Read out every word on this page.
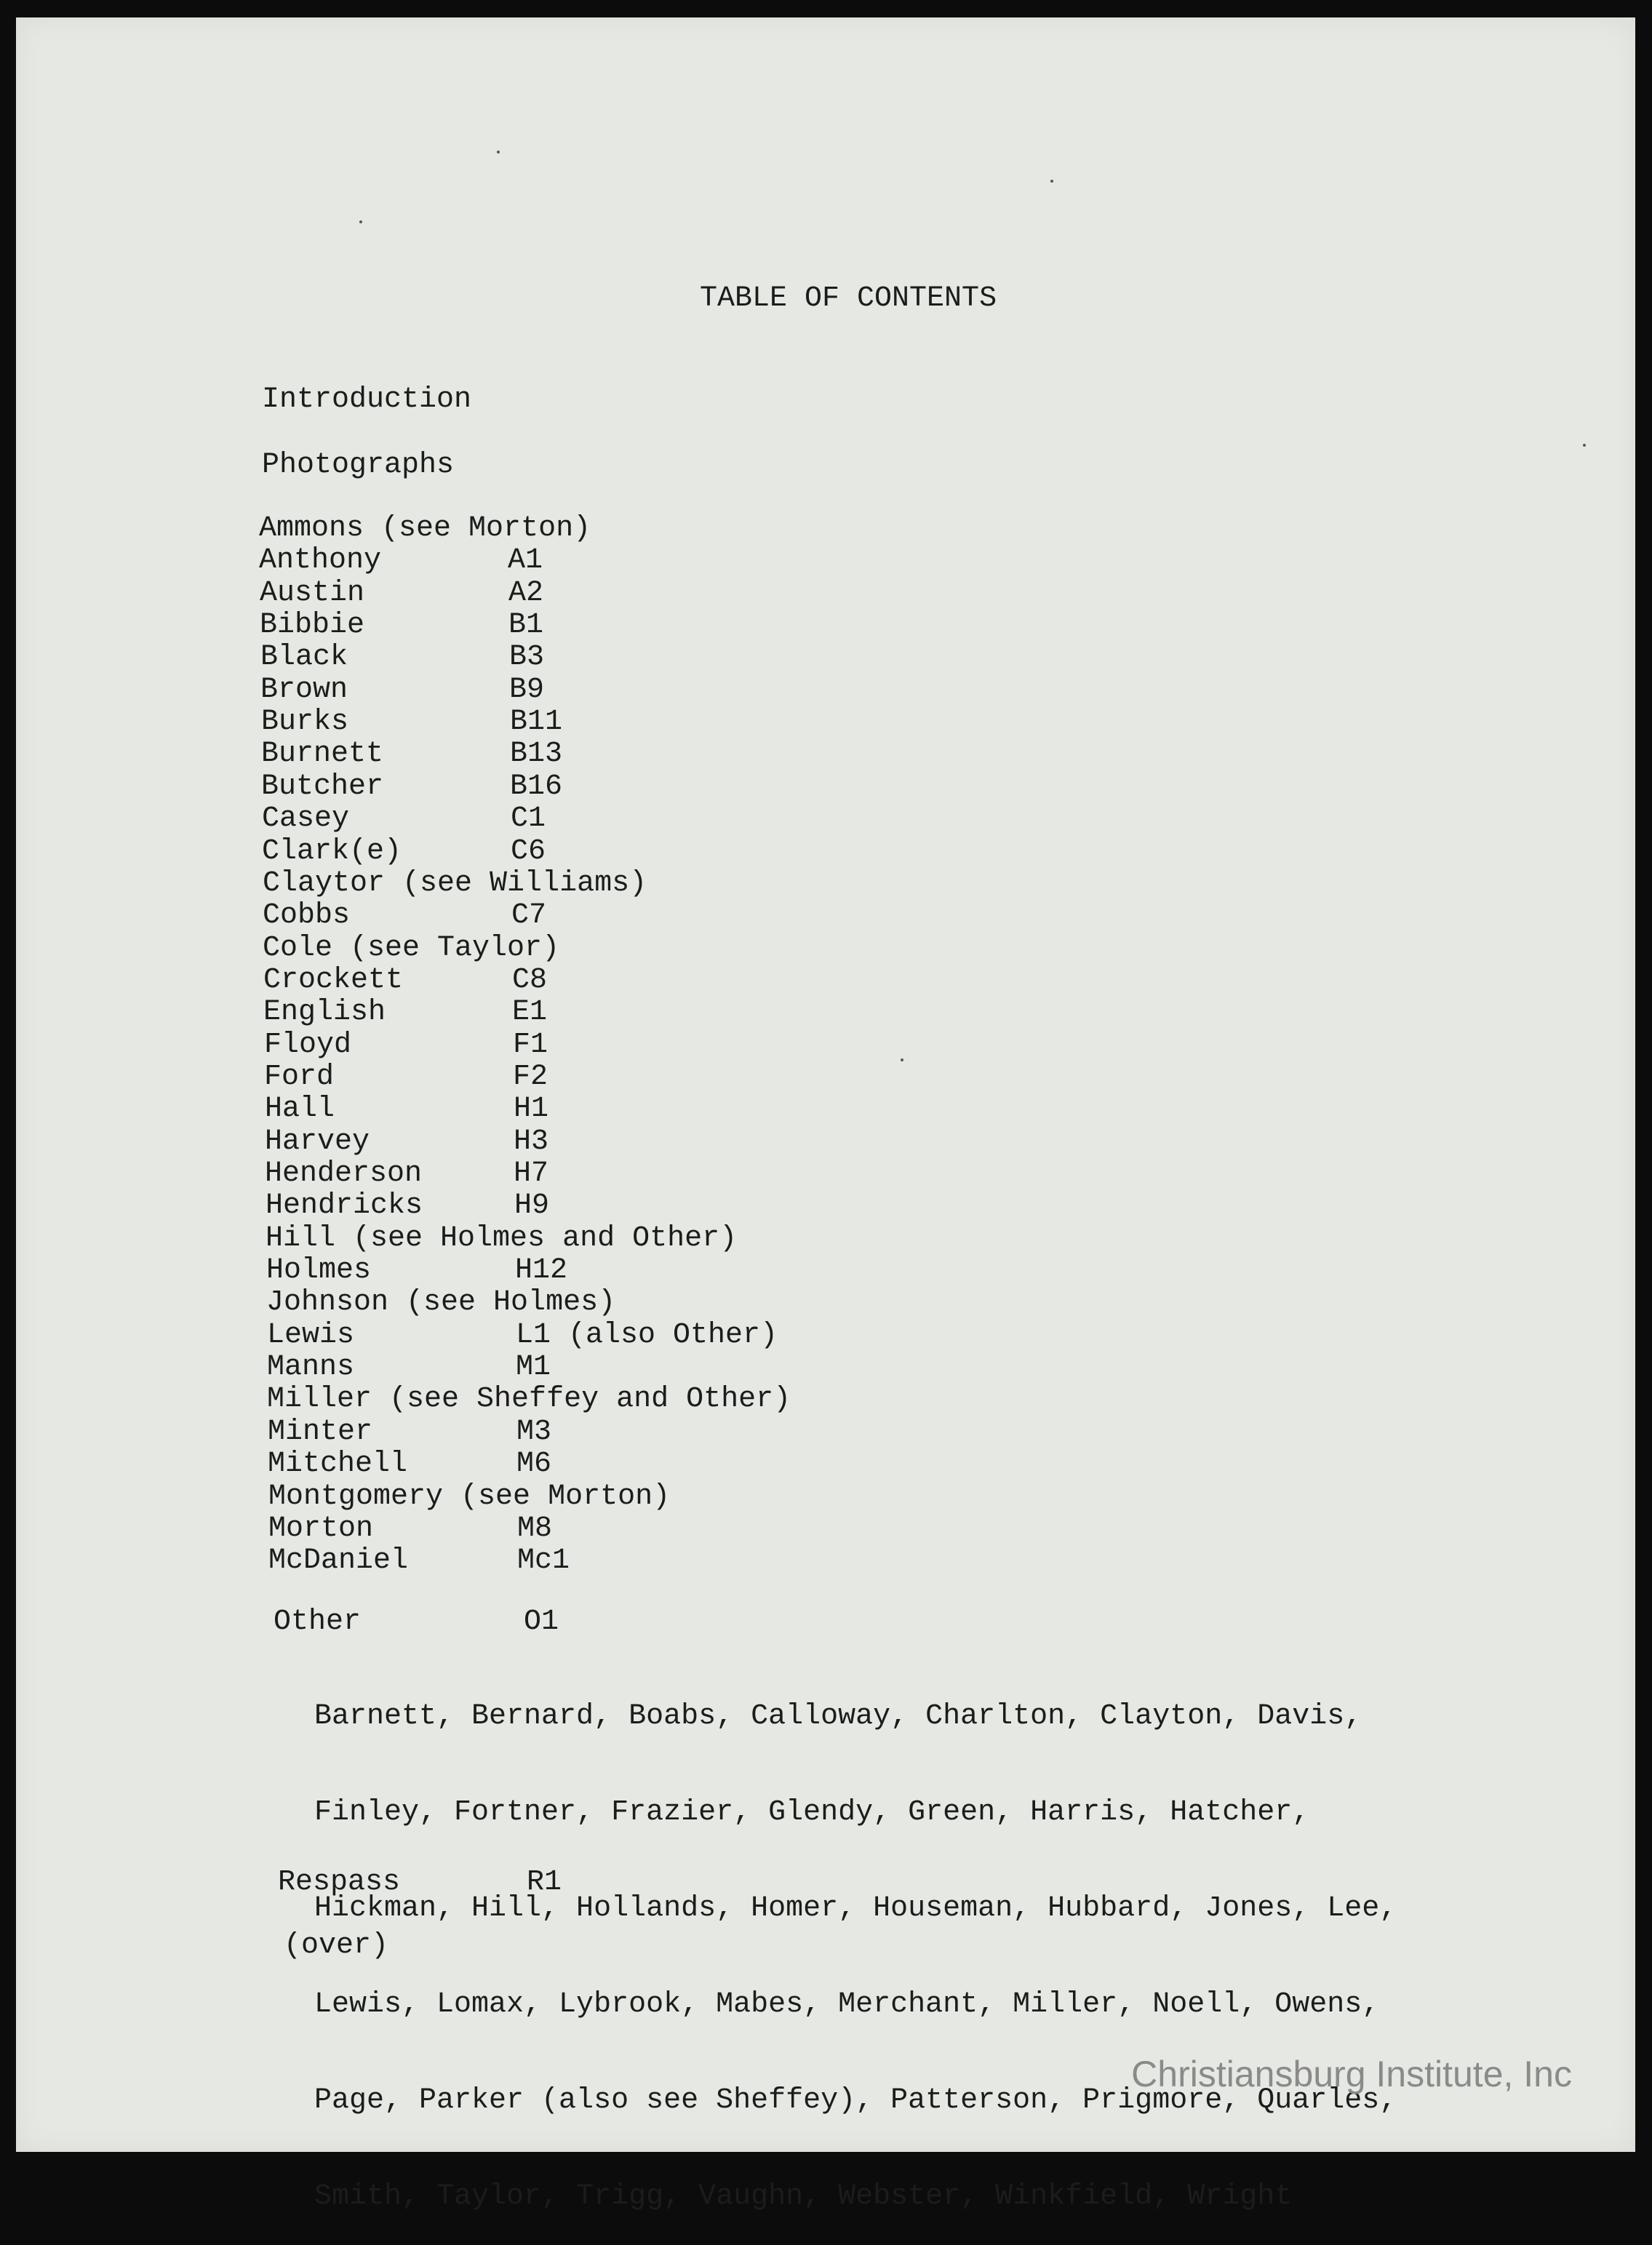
TABLE OF CONTENTS
Introduction
Photographs
Ammons (see Morton)
Anthony	A1
Austin	A2
Bibbie	B1
Black	B3
Brown	B9
Burks	B11
Burnett	B13
Butcher	B16
Casey	C1
Clark(e)	C6
Claytor (see Williams)
Cobbs	C7
Cole (see Taylor)
Crockett	C8
English	E1
Floyd	F1
Ford	F2
Hall	H1
Harvey	H3
Henderson	H7
Hendricks	H9
Hill (see Holmes and Other)
Holmes	H12
Johnson (see Holmes)
Lewis	L1 (also Other)
Manns	M1
Miller (see Sheffey and Other)
Minter	M3
Mitchell	M6
Montgomery (see Morton)
Morton	M8
McDaniel	Mc1
Other	O1

Barnett, Bernard, Boabs, Calloway, Charlton, Clayton, Davis,

Finley, Fortner, Frazier, Glendy, Green, Harris, Hatcher,

Hickman, Hill, Hollands, Homer, Houseman, Hubbard, Jones, Lee,

Lewis, Lomax, Lybrook, Mabes, Merchant, Miller, Noell, Owens,

Page, Parker (also see Sheffey), Patterson, Prigmore, Quarles,

Smith, Taylor, Trigg, Vaughn, Webster, Winkfield, Wright

Respass	R1
(over)
Christiansburg Institute, Inc
